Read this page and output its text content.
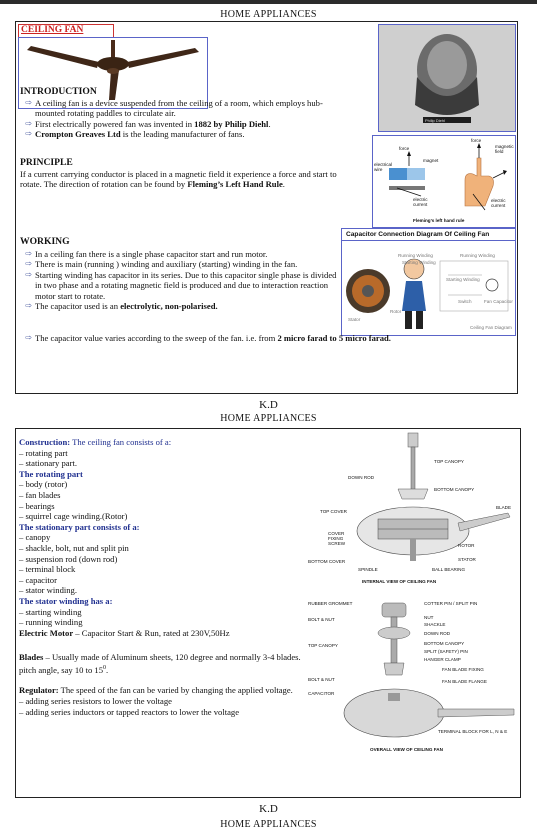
HOME APPLIANCES
CEILING FAN
Philip Diehl
INTRODUCTION
⇨ A ceiling fan is a device suspended from the ceiling of a room, which employs hub-mounted rotating paddles to circulate air.
⇨ First electrically powered fan was invented in 1882 by Philip Diehl.
⇨ Crompton Greaves Ltd is the leading manufacturer of fans.
PRINCIPLE
If a current carrying conductor is placed in a magnetic field it experience a force and start to rotate. The direction of rotation can be found by Fleming’s Left Hand Rule.
force
magnet
electrical wire
electric current
force
magnetic field
electric current
Fleming’s left hand rule
Capacitor Connection Diagram Of Ceiling Fan
Running Winding
Starting Winding
Running Winding
Starting Winding
Switch	Fan Capacitor
Rotor
Ceiling Fan Diagram
Stator
WORKING
⇨ In a ceiling fan there is a single phase capacitor start and run motor.
⇨ There is main (running ) winding and auxiliary (starting) winding in the fan.
⇨ Starting winding has capacitor in its series. Due to this capacitor single phase is divided in two phase and a rotating magnetic field is produced and due to interaction reaction motor start to rotate.
⇨ The capacitor used is an electrolytic, non-polarised.
⇨ The capacitor value varies according to the sweep of the fan. i.e. from 2 micro farad to 5 micro farad.
K.D
HOME APPLIANCES
Construction: The ceiling fan consists of a:
– rotating part
– stationary part.
The rotating part
– body (rotor)
– fan blades
– bearings
– squirrel cage winding.(Rotor)
The stationary part consists of a:
– canopy
– shackle, bolt, nut and split pin
– suspension rod (down rod)
– terminal block
– capacitor
– stator winding.
The stator winding has a:
– starting winding
– running winding
Electric Motor – Capacitor Start & Run, rated at 230V,50Hz
Blades – Usually made of Aluminum sheets, 120 degree and normally 3-4 blades. pitch angle, say 10 to $15^0$.
Regulator: The speed of the fan can be varied by changing the applied voltage.
– adding series resistors to lower the voltage
– adding series inductors or tapped reactors to lower the voltage
TOP CANOPY
DOWN ROD
BOTTOM CANOPY
TOP COVER
BLADE
COVER FIXING SCREW	ROTOR
BOTTOM COVER	STATOR
SPINDLE	BALL BEARING
INTERNAL VIEW OF CEILING FAN
RUBBER GROMMET	COTTER PIN / SPLIT PIN
BOLT & NUT	NUT
SHACKLE
TOP CANOPY
DOWN ROD
BOTTOM CANOPY
SPLIT (SAFETY) PIN
HANGER CLAMP
FAN BLADE FIXING
BOLT & NUT	FAN BLADE FLANGE
CAPACITOR
TERMINAL BLOCK FOR L, N & E
OVERALL VIEW OF CEILING FAN
K.D
HOME APPLIANCES
